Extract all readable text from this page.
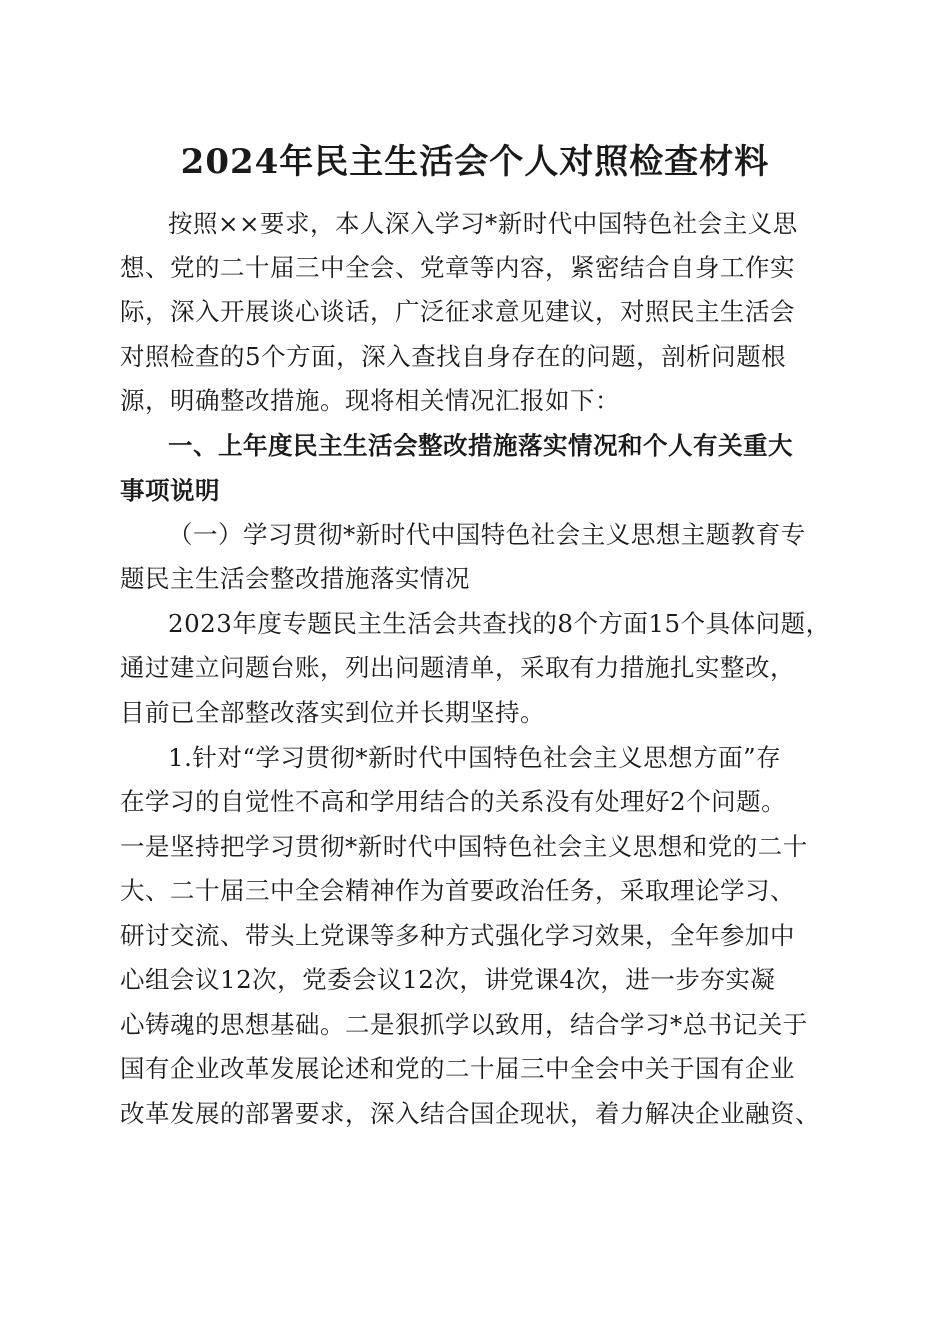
2024年民主生活会个人对照检查材料
按照××要求，本人深入学习*新时代中国特色社会主义思
想、党的二十届三中全会、党章等内容，紧密结合自身工作实
际，深入开展谈心谈话，广泛征求意见建议，对照民主生活会
对照检查的5个方面，深入查找自身存在的问题，剖析问题根
源，明确整改措施。现将相关情况汇报如下：
一、上年度民主生活会整改措施落实情况和个人有关重大
事项说明
（一）学习贯彻*新时代中国特色社会主义思想主题教育专
题民主生活会整改措施落实情况
2023年度专题民主生活会共查找的8个方面15个具体问题，
通过建立问题台账，列出问题清单，采取有力措施扎实整改，
目前已全部整改落实到位并长期坚持。
1.针对“学习贯彻*新时代中国特色社会主义思想方面”存
在学习的自觉性不高和学用结合的关系没有处理好2个问题。
一是坚持把学习贯彻*新时代中国特色社会主义思想和党的二十
大、二十届三中全会精神作为首要政治任务，采取理论学习、
研讨交流、带头上党课等多种方式强化学习效果，全年参加中
心组会议12次，党委会议12次，讲党课4次，进一步夯实凝
心铸魂的思想基础。二是狠抓学以致用，结合学习*总书记关于
国有企业改革发展论述和党的二十届三中全会中关于国有企业
改革发展的部署要求，深入结合国企现状，着力解决企业融资、
